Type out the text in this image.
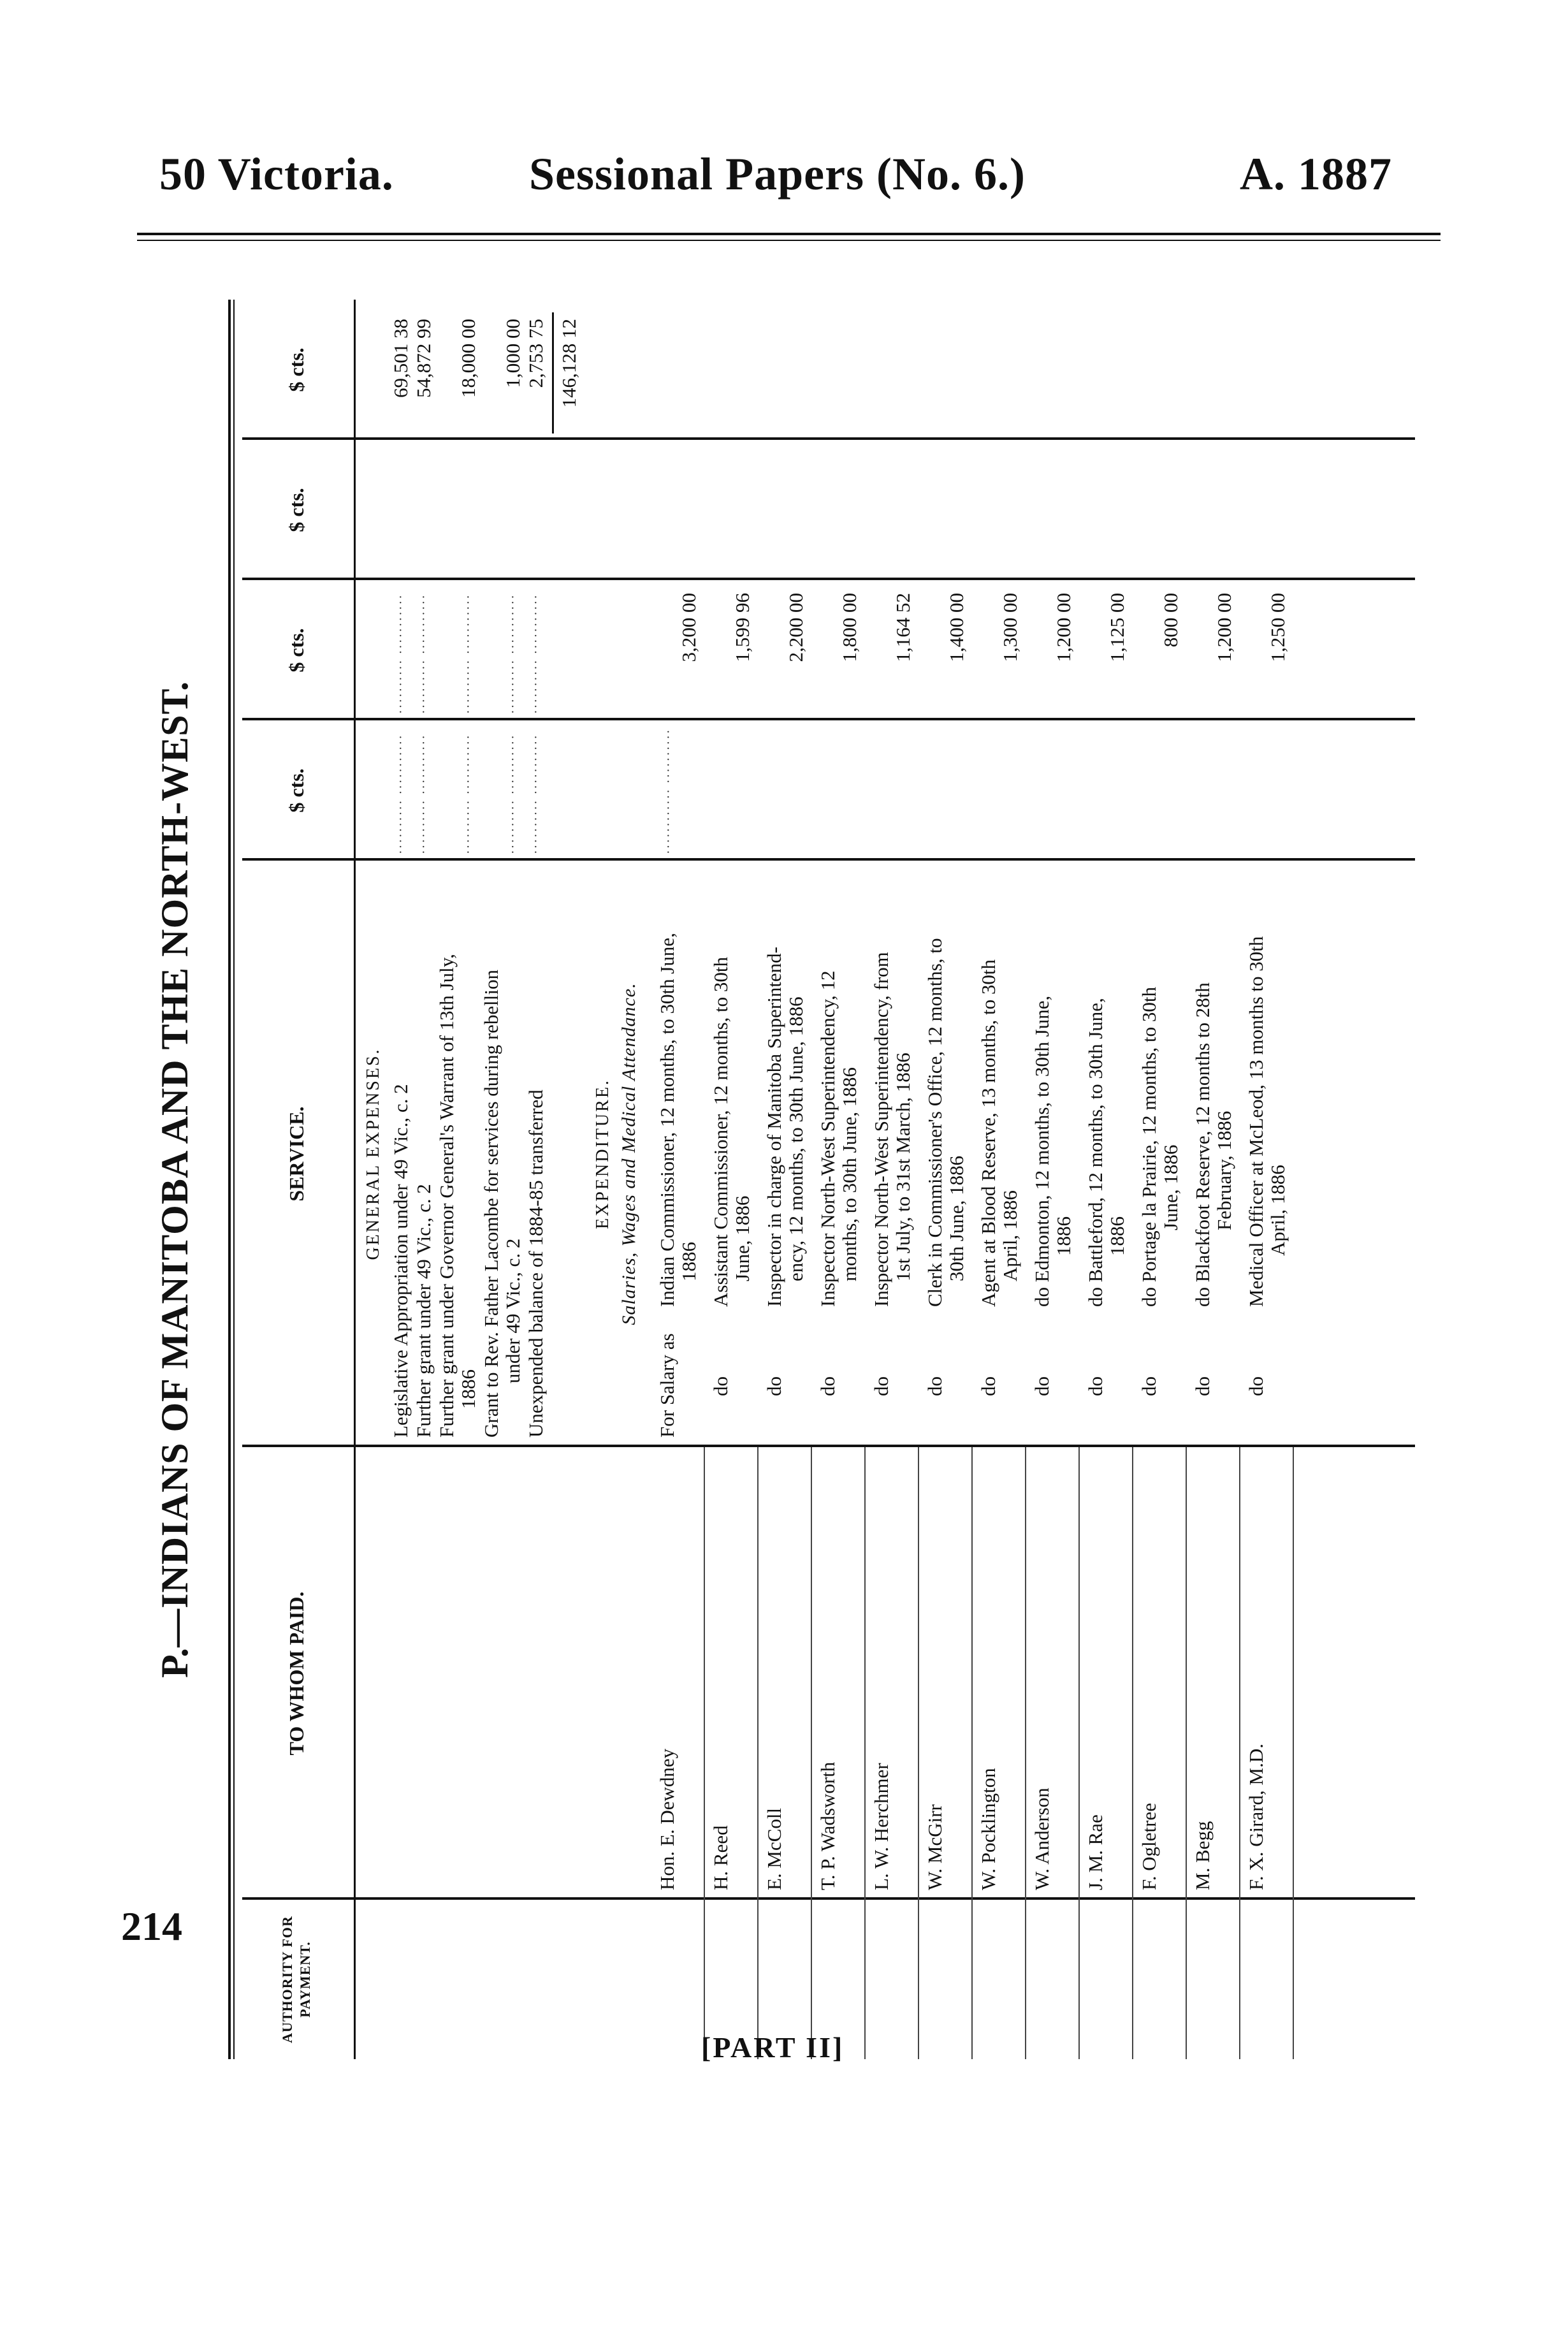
50 Victoria.	Sessional Papers (No. 6.)	A. 1887
P.—INDIANS OF MANITOBA AND THE NORTH-WEST.
AUTHORITY FOR PAYMENT.
TO WHOM PAID.
SERVICE.
$ cts.
$ cts.
$ cts.
$ cts.
GENERAL EXPENSES. Legislative Appropriation under 49 Vic., c. 2
·········· ···········
·········· ···········
69,501 38
Further grant under 49 Vic., c. 2
·········· ···········
·········· ···········
54,872 99
Further grant under Governor General's Warrant of 13th July, 1886
·········· ···········
·········· ···········
18,000 00
Grant to Rev. Father Lacombe for services during rebellion under 49 Vic., c. 2
·········· ···········
·········· ···········
1,000 00
Unexpended balance of 1884-85 transferred
·········· ···········
·········· ···········
2,753 75 146,128 12
EXPENDITURE. Salaries, Wages and Medical Attendance.
Hon. E. Dewdney
For Salary as
Indian Commissioner, 12 months, to 30th June, 1886
············ ··········
3,200 00
H. Reed
do
Assistant Commissioner, 12 months, to 30th June, 1886
1,599 96
E. McColl
do
Inspector in charge of Manitoba Superintend- ency, 12 months, to 30th June, 1886
2,200 00
T. P. Wadsworth
do
Inspector North-West Superintendency, 12 months, to 30th June, 1886
1,800 00
L. W. Herchmer
do
Inspector North-West Superintendency, from 1st July, to 31st March, 1886
1,164 52
W. McGirr
do
Clerk in Commissioner's Office, 12 months, to 30th June, 1886
1,400 00
W. Pocklington
do
Agent at Blood Reserve, 13 months, to 30th April, 1886
1,300 00
W. Anderson
do
do Edmonton, 12 months, to 30th June, 1886
1,200 00
J. M. Rae
do
do Battleford, 12 months, to 30th June, 1886
1,125 00
F. Ogletree
do
do Portage la Prairie, 12 months, to 30th June, 1886
800 00
M. Begg
do
do Blackfoot Reserve, 12 months to 28th February, 1886
1,200 00
F. X. Girard, M.D.
do
Medical Officer at McLeod, 13 months to 30th April, 1886
1,250 00
214
[PART II]
